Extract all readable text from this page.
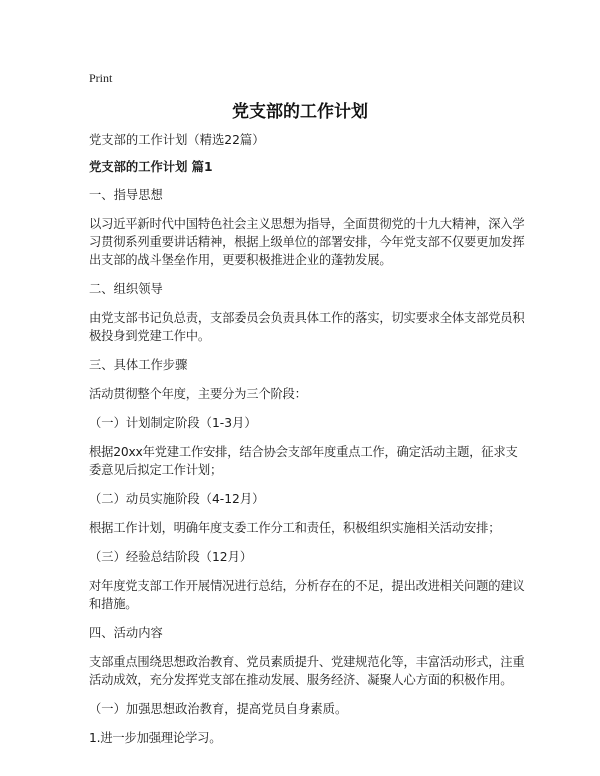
Print
党支部的工作计划

党支部的工作计划（精选22篇）

党支部的工作计划 篇1

一、指导思想

以习近平新时代中国特色社会主义思想为指导，全面贯彻党的十九大精神，深入学习贯彻系列重要讲话精神，根据上级单位的部署安排，今年党支部不仅要更加发挥出支部的战斗堡垒作用，更要积极推进企业的蓬勃发展。

二、组织领导

由党支部书记负总责，支部委员会负责具体工作的落实，切实要求全体支部党员积极投身到党建工作中。

三、具体工作步骤

活动贯彻整个年度，主要分为三个阶段：

（一）计划制定阶段（1-3月）

根据20xx年党建工作安排，结合协会支部年度重点工作，确定活动主题，征求支委意见后拟定工作计划；

（二）动员实施阶段（4-12月）

根据工作计划，明确年度支委工作分工和责任，积极组织实施相关活动安排；

（三）经验总结阶段（12月）

对年度党支部工作开展情况进行总结，分析存在的不足，提出改进相关问题的建议和措施。

四、活动内容

支部重点围绕思想政治教育、党员素质提升、党建规范化等，丰富活动形式，注重活动成效，充分发挥党支部在推动发展、服务经济、凝聚人心方面的积极作用。

（一）加强思想政治教育，提高党员自身素质。

1.进一步加强理论学习。
